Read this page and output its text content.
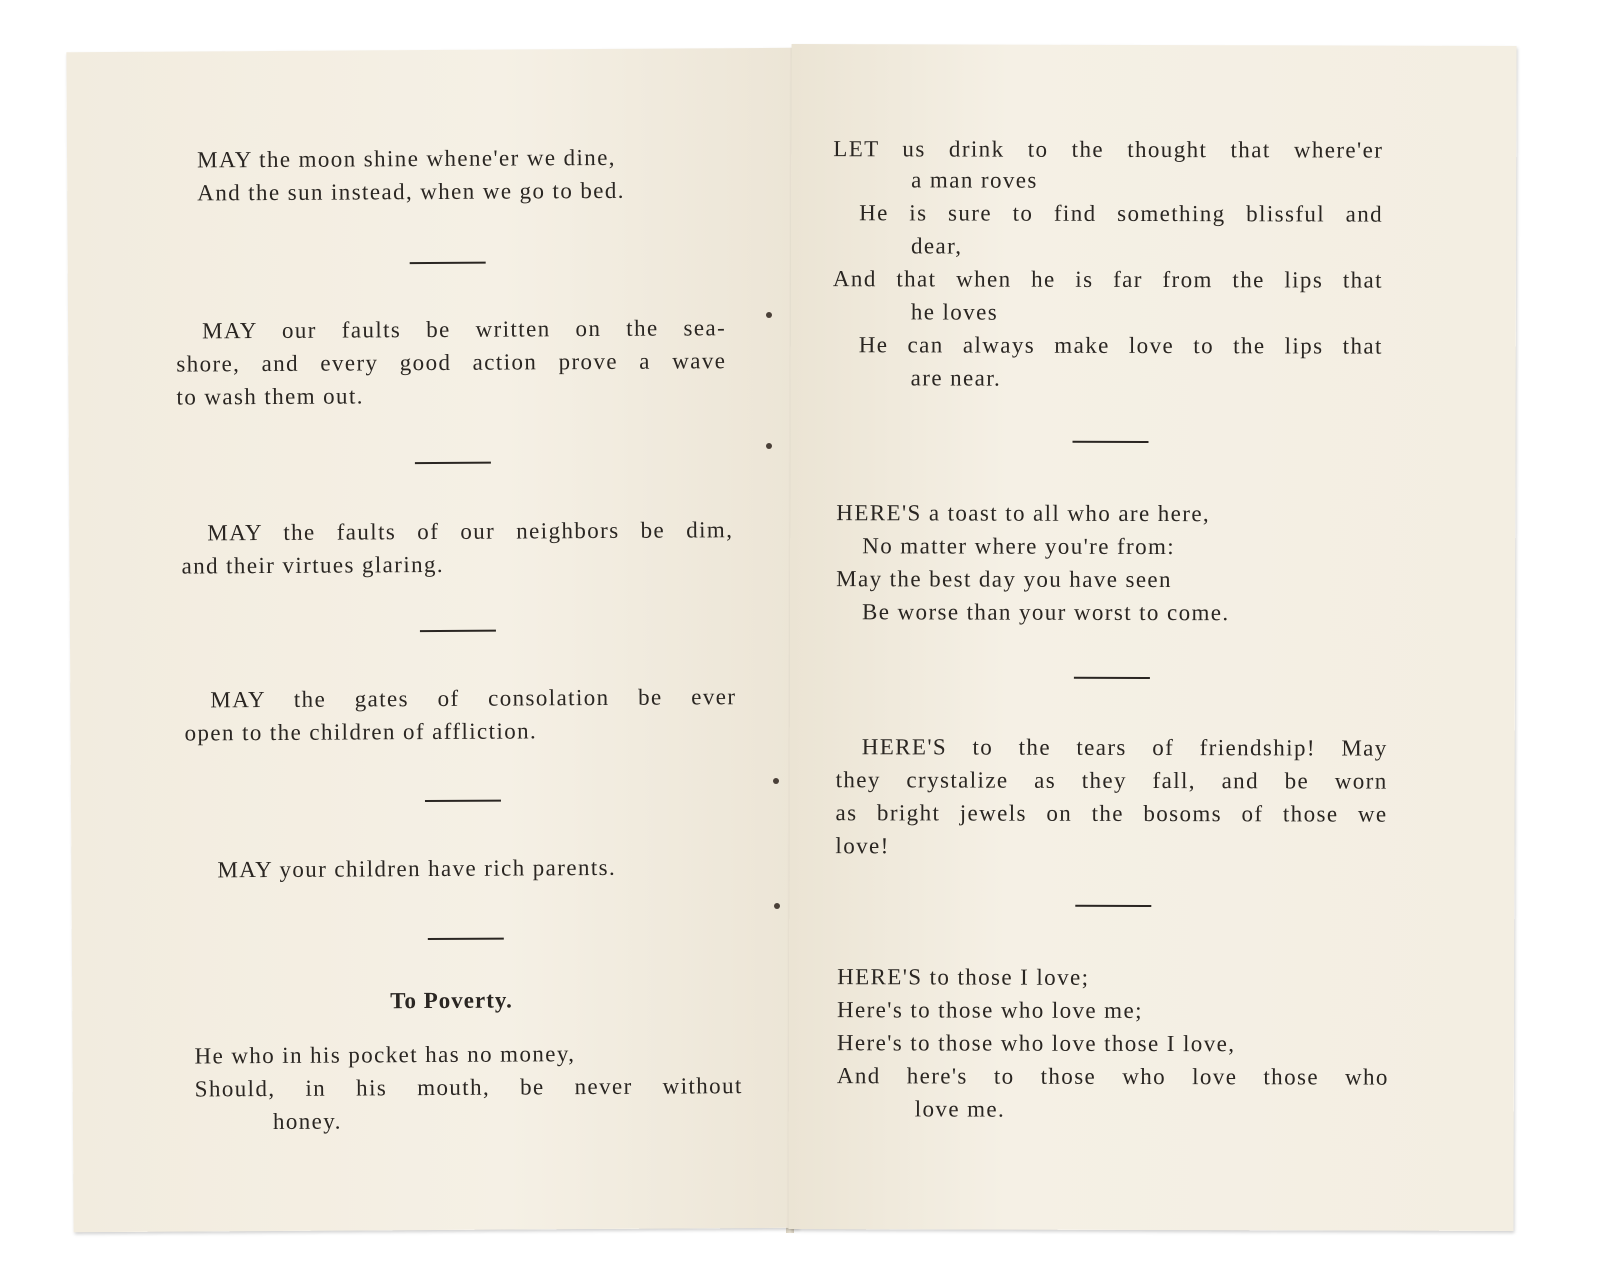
MAY the moon shine whene'er we dine,
And the sun instead, when we go to bed.
MAY our faults be written on the sea-
shore, and every good action prove a wave
to wash them out.
MAY the faults of our neighbors be dim,
and their virtues glaring.
MAY the gates of consolation be ever
open to the children of affliction.
MAY your children have rich parents.
To Poverty.
He who in his pocket has no money,
Should, in his mouth, be never without
honey.
LET us drink to the thought that where'er
a man roves
He is sure to find something blissful and
dear,
And that when he is far from the lips that
he loves
He can always make love to the lips that
are near.
HERE'S a toast to all who are here,
No matter where you're from:
May the best day you have seen
Be worse than your worst to come.
HERE'S to the tears of friendship! May
they crystalize as they fall, and be worn
as bright jewels on the bosoms of those we
love!
HERE'S to those I love;
Here's to those who love me;
Here's to those who love those I love,
And here's to those who love those who
love me.
